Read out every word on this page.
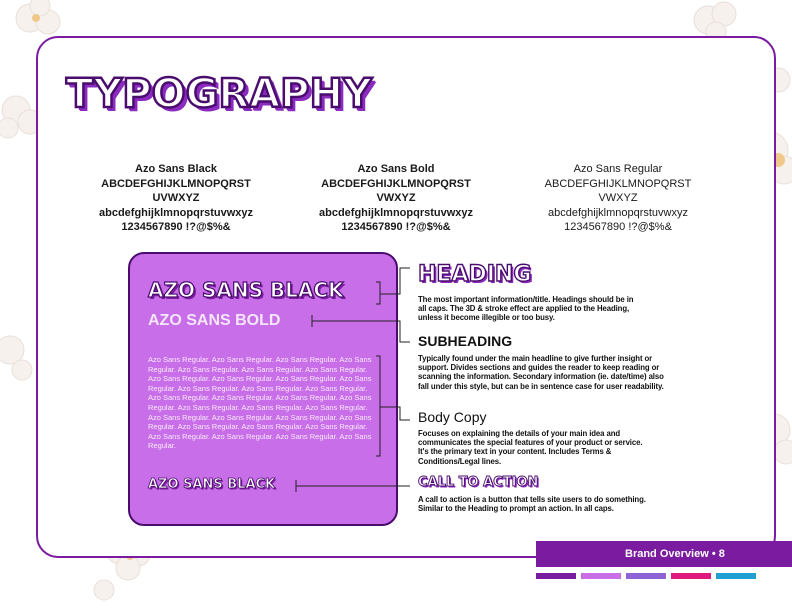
TYPOGRAPHY
Azo Sans Black
ABCDEFGHIJKLMNOPQRST
UVWXYZ
abcdefghijklmnopqrstuvwxyz
1234567890 !?@$%&
Azo Sans Bold
ABCDEFGHIJKLMNOPQRST
VWXYZ
abcdefghijklmnopqrstuvwxyz
1234567890 !?@$%&
Azo Sans Regular
ABCDEFGHIJKLMNOPQRST
VWXYZ
abcdefghijklmnopqrstuvwxyz
1234567890 !?@$%&
AZO SANS BLACK
AZO SANS BOLD
Azo Sans Regular. Azo Sans Regular. Azo Sans Regular. Azo Sans Regular. Azo Sans Regular. Azo Sans Regular. Azo Sans Regular. Azo Sans Regular. Azo Sans Regular. Azo Sans Regular. Azo Sans Regular. Azo Sans Regular. Azo Sans Regular. Azo Sans Regular. Azo Sans Regular. Azo Sans Regular. Azo Sans Regular. Azo Sans Regular. Azo Sans Regular. Azo Sans Regular. Azo Sans Regular. Azo Sans Regular. Azo Sans Regular. Azo Sans Regular. Azo Sans Regular. Azo Sans Regular. Azo Sans Regular. Azo Sans Regular. Azo Sans Regular. Azo Sans Regular. Azo Sans Regular. Azo Sans Regular.
AZO SANS BLACK
HEADING
The most important information/title. Headings should be in all caps. The 3D & stroke effect are applied to the Heading, unless it become illegible or too busy.
SUBHEADING
Typically found under the main headline to give further insight or support. Divides sections and guides the reader to keep reading or scanning the information. Secondary information (ie. date/time) also fall under this style, but can be in sentence case for user readability.
Body Copy
Focuses on explaining the details of your main idea and communicates the special features of your product or service. It's the primary text in your content. Includes Terms & Conditions/Legal lines.
CALL TO ACTION
A call to action is a button that tells site users to do something. Similar to the Heading to prompt an action. In all caps.
Brand Overview • 8
